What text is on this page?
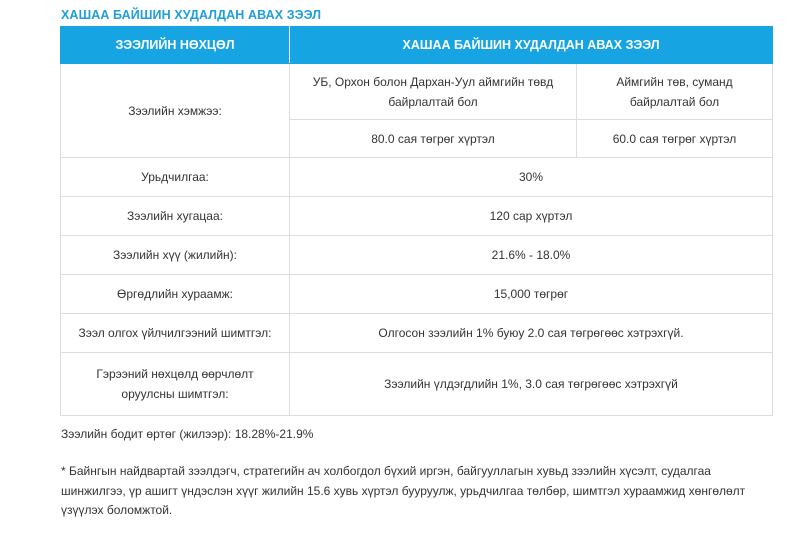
ХАШАА БАЙШИН ХУДАЛДАН АВАХ ЗЭЭЛ
ЗЭЭЛИЙН НӨХЦӨЛ	ХАШАА БАЙШИН ХУДАЛДАН АВАХ ЗЭЭЛ	
Зээлийн хэмжээ:	УБ, Орхон болон Дархан-Уул аймгийн төвд байрлалтай бол	Аймгийн төв, суманд байрлалтай бол
	80.0 сая төгрөг хүртэл	60.0 сая төгрөг хүртэл
Урьдчилгаа:	30%	
Зээлийн хугацаа:	120 сар хүртэл	
Зээлийн хүү (жилийн):	21.6% - 18.0%	
Өргөдлийн хураамж:	15,000 төгрөг	
Зээл олгох үйлчилгээний шимтгэл:	Олгосон зээлийн 1% буюу 2.0 сая төгрөгөөс хэтрэхгүй.	
Гэрээний нөхцөлд өөрчлөлт оруулсны шимтгэл:	Зээлийн үлдэгдлийн 1%, 3.0 сая төгрөгөөс хэтрэхгүй	
Зээлийн бодит өртөг (жилээр): 18.28%-21.9%
* Байнгын найдвартай зээлдэгч, стратегийн ач холбогдол бүхий иргэн, байгууллагын хувьд зээлийн хүсэлт, судалгаа шинжилгээ, үр ашигт үндэслэн хүүг жилийн 15.6 хувь хүртэл бууруулж, урьдчилгаа төлбөр, шимтгэл хураамжид хөнгөлөлт үзүүлэх боломжтой.
